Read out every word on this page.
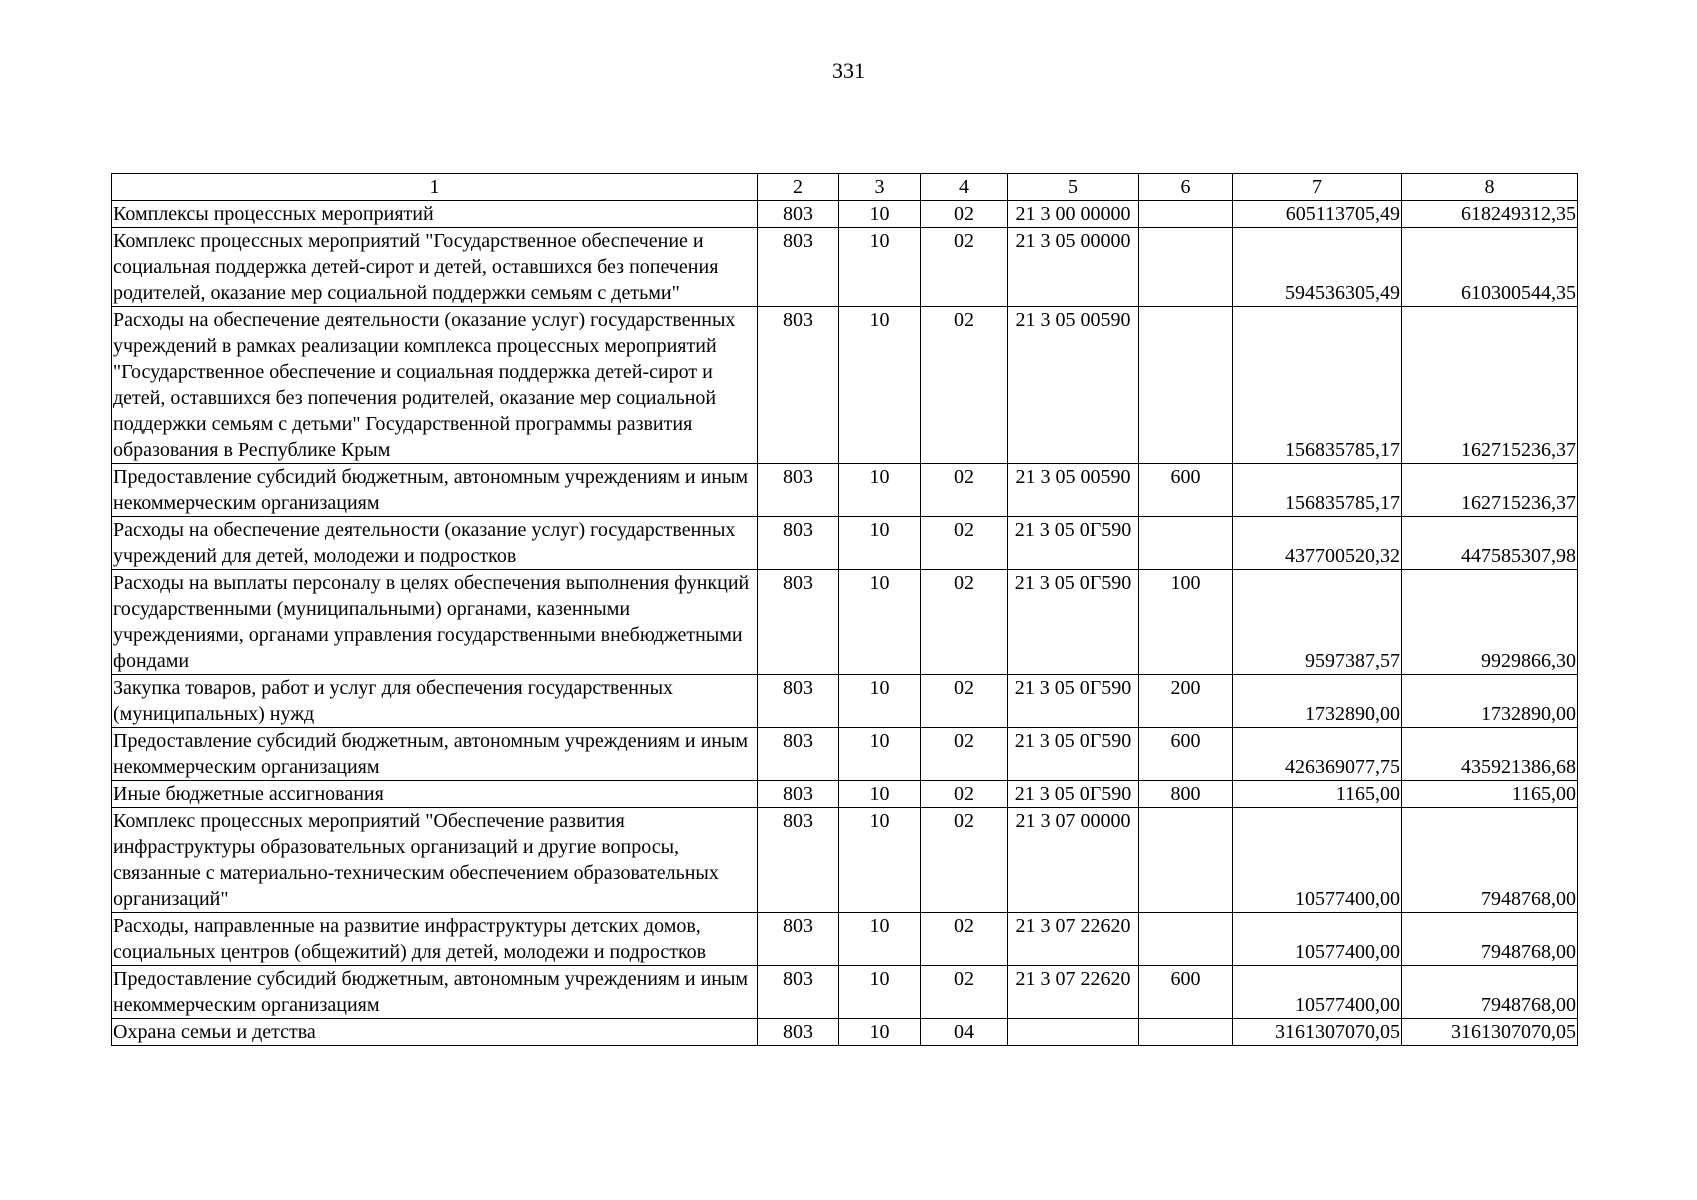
331
1	2	3	4	5	6	7	8
Комплексы процессных мероприятий	803	10	02	21 3 00 00000		605113705,49	618249312,35
Комплекс процессных мероприятий "Государственное обеспечение и социальная поддержка детей-сирот и детей, оставшихся без попечения родителей, оказание мер социальной поддержки семьям с детьми"	803	10	02	21 3 05 00000		594536305,49	610300544,35
Расходы на обеспечение деятельности (оказание услуг) государственных учреждений в рамках реализации комплекса процессных мероприятий "Государственное обеспечение и социальная поддержка детей-сирот и детей, оставшихся без попечения родителей, оказание мер социальной поддержки семьям с детьми" Государственной программы развития образования в Республике Крым	803	10	02	21 3 05 00590		156835785,17	162715236,37
Предоставление субсидий бюджетным, автономным учреждениям и иным некоммерческим организациям	803	10	02	21 3 05 00590	600	156835785,17	162715236,37
Расходы на обеспечение деятельности (оказание услуг) государственных учреждений для детей, молодежи и подростков	803	10	02	21 3 05 0Г590		437700520,32	447585307,98
Расходы на выплаты персоналу в целях обеспечения выполнения функций государственными (муниципальными) органами, казенными учреждениями, органами управления государственными внебюджетными фондами	803	10	02	21 3 05 0Г590	100	9597387,57	9929866,30
Закупка товаров, работ и услуг для обеспечения государственных (муниципальных) нужд	803	10	02	21 3 05 0Г590	200	1732890,00	1732890,00
Предоставление субсидий бюджетным, автономным учреждениям и иным некоммерческим организациям	803	10	02	21 3 05 0Г590	600	426369077,75	435921386,68
Иные бюджетные ассигнования	803	10	02	21 3 05 0Г590	800	1165,00	1165,00
Комплекс процессных мероприятий "Обеспечение развития инфраструктуры образовательных организаций и другие вопросы, связанные с материально-техническим обеспечением образовательных организаций"	803	10	02	21 3 07 00000		10577400,00	7948768,00
Расходы, направленные на развитие инфраструктуры детских домов, социальных центров (общежитий) для детей, молодежи и подростков	803	10	02	21 3 07 22620		10577400,00	7948768,00
Предоставление субсидий бюджетным, автономным учреждениям и иным некоммерческим организациям	803	10	02	21 3 07 22620	600	10577400,00	7948768,00
Охрана семьи и детства	803	10	04			3161307070,05	3161307070,05
